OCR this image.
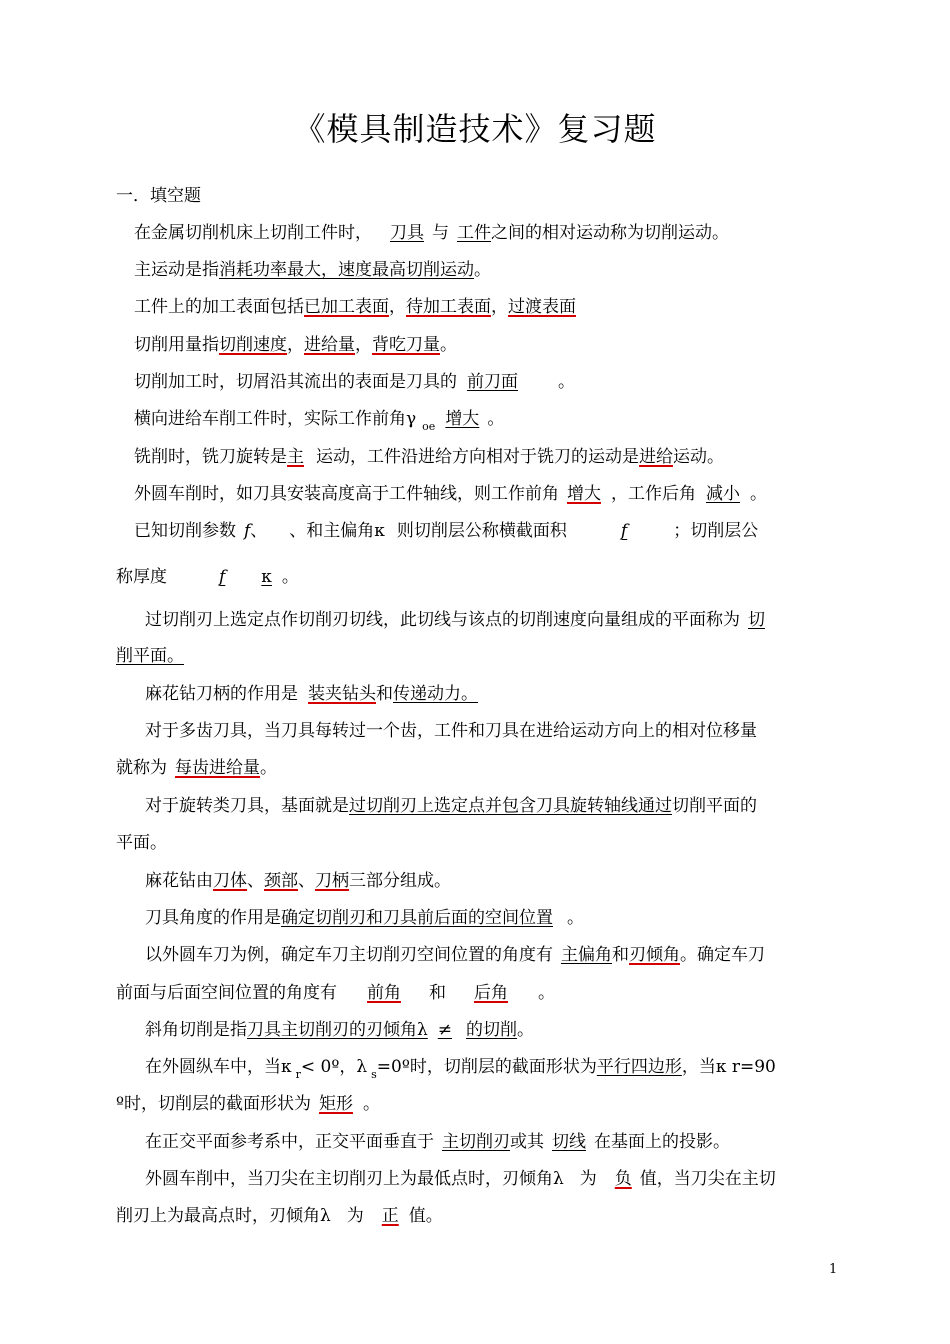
《模具制造技术》复习题
一．填空题
在金属切削机床上切削工件时， 刀具 与 工件之间的相对运动称为切削运动。
主运动是指消耗功率最大，速度最高切削运动。
工件上的加工表面包括已加工表面，待加工表面，过渡表面
切削用量指切削速度，进给量，背吃刀量。
切削加工时，切屑沿其流出的表面是刀具的 前刀面 。
横向进给车削工件时，实际工作前角γ $_{oe}$ 增大 。
铣削时，铣刀旋转是主 运动，工件沿进给方向相对于铣刀的运动是进给运动。
外圆车削时，如刀具安装高度高于工件轴线，则工作前角 增大 ，工作后角 减小 。
已知切削参数 f、 、和主偏角κ 则切削层公称横截面积	f	；切削层公
称厚度	f κ 。
过切削刃上选定点作切削刃切线，此切线与该点的切削速度向量组成的平面称为 切
削平面。
麻花钻刀柄的作用是 装夹钻头和传递动力。
对于多齿刀具，当刀具每转过一个齿，工件和刀具在进给运动方向上的相对位移量
就称为 每齿进给量。
对于旋转类刀具，基面就是过切削刃上选定点并包含刀具旋转轴线通过切削平面的
平面。
麻花钻由刀体、颈部、刀柄三部分组成。
刀具角度的作用是确定切削刃和刀具前后面的空间位置 。
以外圆车刀为例，确定车刀主切削刃空间位置的角度有 主偏角和刃倾角。确定车刀
前面与后面空间位置的角度有 前角 和 后角 。
斜角切削是指刀具主切削刃的刃倾角λ ≠ 的切削。
在外圆纵车中，当κ $_r$< 0º，λ $_s$=0º时，切削层的截面形状为平行四边形，当κ r=90
º时，切削层的截面形状为 矩形 。
在正交平面参考系中，正交平面垂直于 主切削刃或其 切线 在基面上的投影。
外圆车削中，当刀尖在主切削刃上为最低点时，刃倾角λ 为 负 值，当刀尖在主切
削刃上为最高点时，刃倾角λ 为 正 值。
1
